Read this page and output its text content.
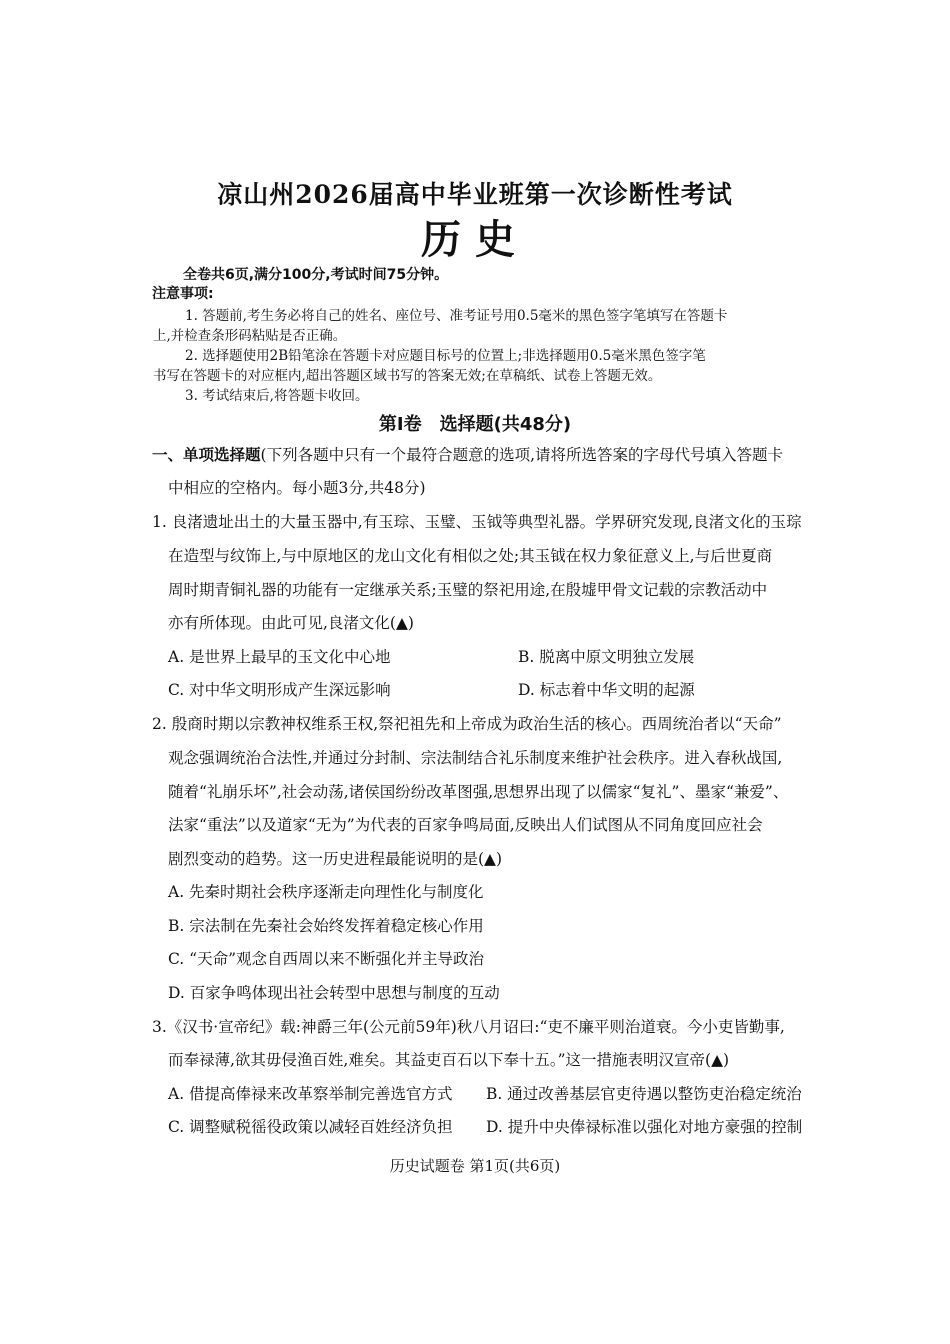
凉山州2026届高中毕业班第一次诊断性考试
历史
全卷共6页,满分100分,考试时间75分钟。
注意事项:
1. 答题前,考生务必将自己的姓名、座位号、准考证号用0.5毫米的黑色签字笔填写在答题卡
上,并检查条形码粘贴是否正确。
2. 选择题使用2B铅笔涂在答题卡对应题目标号的位置上;非选择题用0.5毫米黑色签字笔
书写在答题卡的对应框内,超出答题区域书写的答案无效;在草稿纸、试卷上答题无效。
3. 考试结束后,将答题卡收回。
第Ⅰ卷　选择题(共48分)
一、单项选择题(下列各题中只有一个最符合题意的选项,请将所选答案的字母代号填入答题卡
中相应的空格内。每小题3分,共48分)
1. 良渚遗址出土的大量玉器中,有玉琮、玉璧、玉钺等典型礼器。学界研究发现,良渚文化的玉琮
在造型与纹饰上,与中原地区的龙山文化有相似之处;其玉钺在权力象征意义上,与后世夏商
周时期青铜礼器的功能有一定继承关系;玉璧的祭祀用途,在殷墟甲骨文记载的宗教活动中
亦有所体现。由此可见,良渚文化(▲)
A. 是世界上最早的玉文化中心地	B. 脱离中原文明独立发展
C. 对中华文明形成产生深远影响	D. 标志着中华文明的起源
2. 殷商时期以宗教神权维系王权,祭祀祖先和上帝成为政治生活的核心。西周统治者以“天命”
观念强调统治合法性,并通过分封制、宗法制结合礼乐制度来维护社会秩序。进入春秋战国,
随着“礼崩乐坏”,社会动荡,诸侯国纷纷改革图强,思想界出现了以儒家“复礼”、墨家“兼爱”、
法家“重法”以及道家“无为”为代表的百家争鸣局面,反映出人们试图从不同角度回应社会
剧烈变动的趋势。这一历史进程最能说明的是(▲)
A. 先秦时期社会秩序逐渐走向理性化与制度化
B. 宗法制在先秦社会始终发挥着稳定核心作用
C. “天命”观念自西周以来不断强化并主导政治
D. 百家争鸣体现出社会转型中思想与制度的互动
3.《汉书·宣帝纪》载:神爵三年(公元前59年)秋八月诏曰:“吏不廉平则治道衰。今小吏皆勤事,
而奉禄薄,欲其毋侵渔百姓,难矣。其益吏百石以下奉十五。”这一措施表明汉宣帝(▲)
A. 借提高俸禄来改革察举制完善选官方式 B. 通过改善基层官吏待遇以整饬吏治稳定统治
C. 调整赋税徭役政策以减轻百姓经济负担 D. 提升中央俸禄标准以强化对地方豪强的控制
历史试题卷 第1页(共6页)
